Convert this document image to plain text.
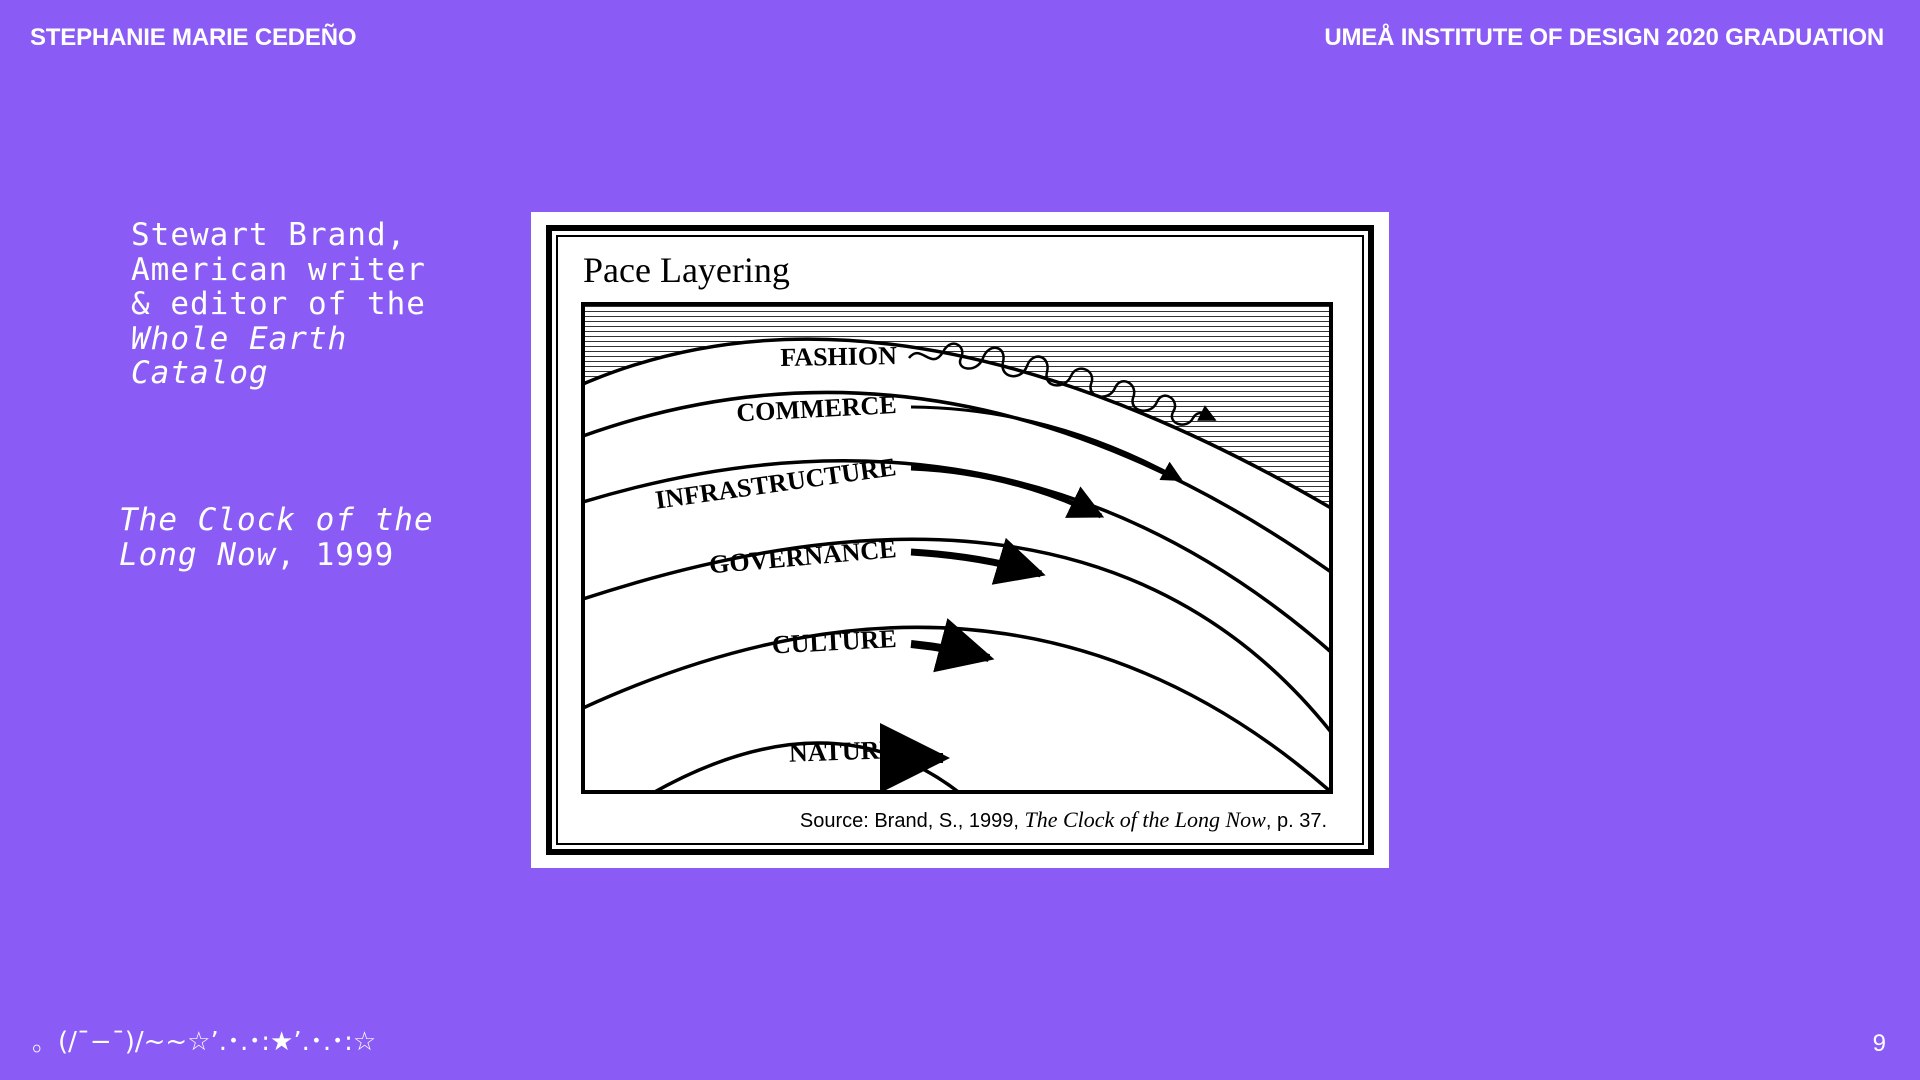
STEPHANIE MARIE CEDEÑO	UMEÅ INSTITUTE OF DESIGN 2020 GRADUATION
Stewart Brand,
American writer
& editor of the
Whole Earth
Catalog
The Clock of the
Long Now, 1999
Pace Layering
FASHION
COMMERCE
INFRASTRUCTURE
GOVERNANCE
CULTURE
NATURE
Source: Brand, S., 1999, The Clock of the Long Now, p. 37.
。(/¯−¯)/~~☆’.･.･:★’.･.･:☆	9
